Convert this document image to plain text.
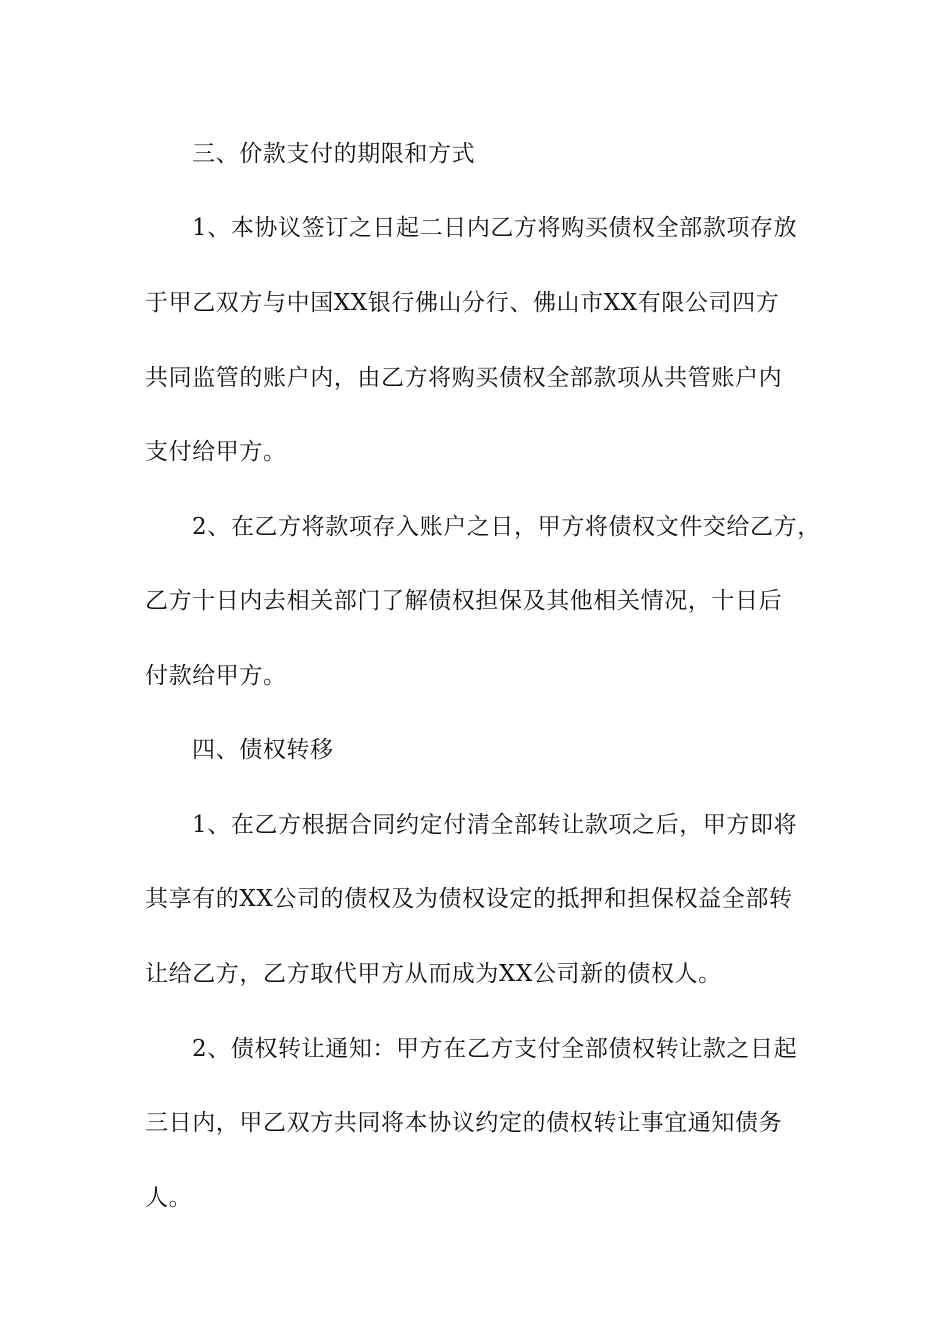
三、价款支付的期限和方式
1、本协议签订之日起二日内乙方将购买债权全部款项存放
于甲乙双方与中国XX银行佛山分行、佛山市XX有限公司四方
共同监管的账户内，由乙方将购买债权全部款项从共管账户内
支付给甲方。
2、在乙方将款项存入账户之日，甲方将债权文件交给乙方，
乙方十日内去相关部门了解债权担保及其他相关情况，十日后
付款给甲方。
四、债权转移
1、在乙方根据合同约定付清全部转让款项之后，甲方即将
其享有的XX公司的债权及为债权设定的抵押和担保权益全部转
让给乙方，乙方取代甲方从而成为XX公司新的债权人。
2、债权转让通知：甲方在乙方支付全部债权转让款之日起
三日内，甲乙双方共同将本协议约定的债权转让事宜通知债务
人。
